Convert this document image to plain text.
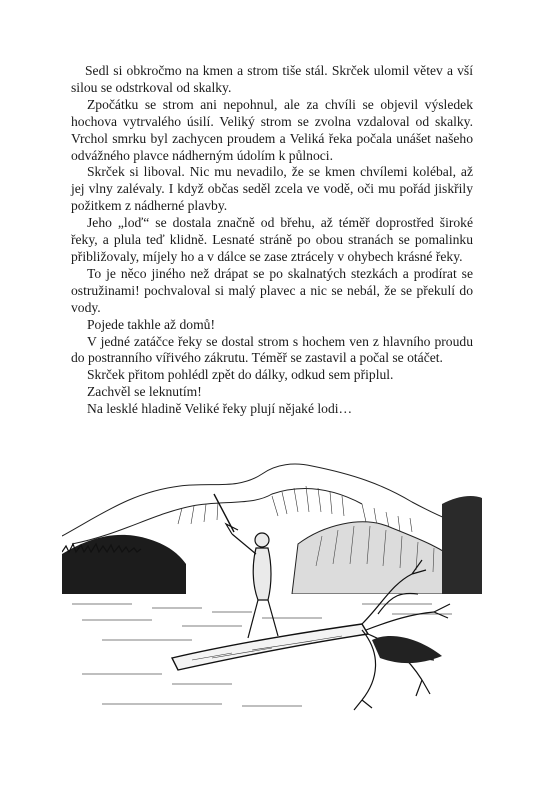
Sedl si obkročmo na kmen a strom tiše stál. Skrček ulomil větev a vší silou se odstrkoval od skalky.

Zpočátku se strom ani nepohnul, ale za chvíli se objevil výsledek hochova vytrvalého úsilí. Veliký strom se zvolna vzdaloval od skalky. Vrchol smrku byl zachycen proudem a Veliká řeka počala unášet našeho odvážného plavce nádherným údolím k půlnoci.

Skrček si liboval. Nic mu nevadilo, že se kmen chvílemi kolébal, až jej vlny zalévaly. I když občas seděl zcela ve vodě, oči mu pořád jiskřily požitkem z nádherné plavby.

Jeho „loď“ se dostala značně od břehu, až téměř doprostřed široké řeky, a plula teď klidně. Lesnaté stráně po obou stranách se pomalinku přibližovaly, míjely ho a v dálce se zase ztrácely v ohybech krásné řeky.

To je něco jiného než drápat se po skalnatých stezkách a prodírat se ostružinami! pochvaloval si malý plavec a nic se nebál, že se překulí do vody.

Pojede takhle až domů!

V jedné zatáčce řeky se dostal strom s hochem ven z hlavního proudu do postranního vířivého zákrutu. Téměř se zastavil a počal se otáčet.

Skrček přitom pohlédl zpět do dálky, odkud sem připlul.

Zachvěl se leknutím!

Na lesklé hladině Veliké řeky plují nějaké lodi…
